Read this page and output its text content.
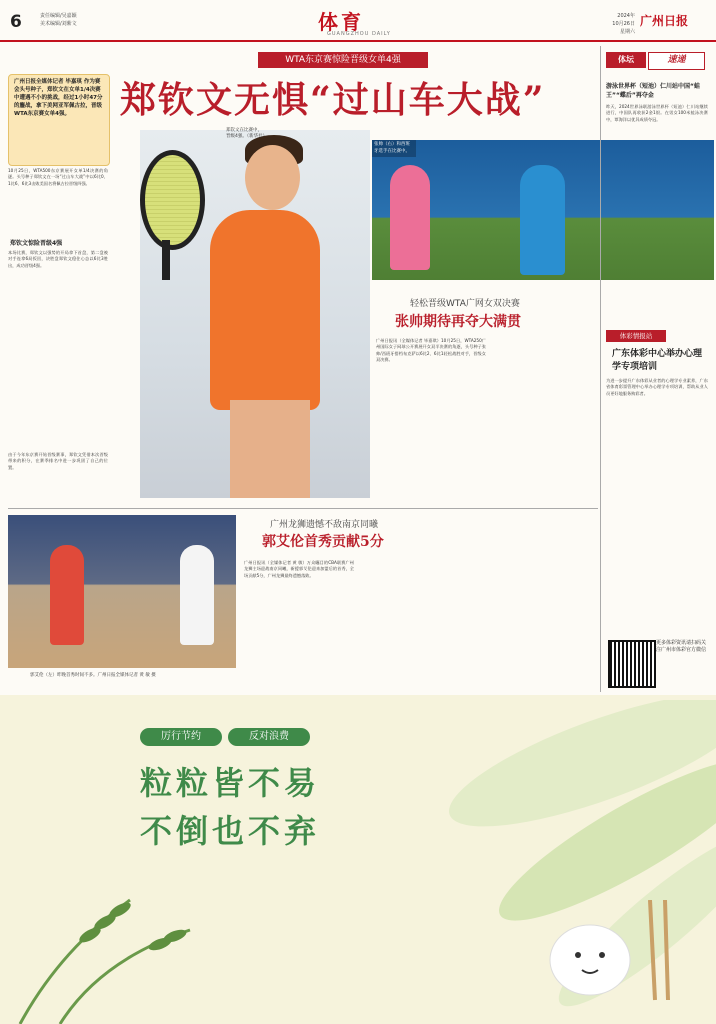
6	责任编辑/吴嘉颖
美术编辑/刘紫文	体育
GUANGZHOU DAILY
2024年
10月26日
星期六
广州日报
WTA东京赛惊险晋级女单4强
郑钦文无惧“过山车大战”
广州日报全媒体记者 毕嘉琪 作为赛会头号种子，郑钦文在女单1/4决赛中遭遇不小的挑战，经过1小时47分的鏖战，拿下美网亚军佩古拉，晋级WTA东京赛女单4强。
10月25日，WTA500东京赛展开女单1/4决赛的角逐。头号种子郑钦文在一场“过山车大战”中以6比0、1比6、6比3击败美国名将佩古拉晋级四强。
郑钦文惊险晋级4强
本场比赛，郑钦文以强势的开局拿下首盘，第二盘被对手连拿6局扳回，决胜盘郑钦文稳住心态以6比3胜出，成功晋级4强。
由于今年东京赛开始晋级赛事，郑钦文凭借本次晋级带来的积分，在赛季排名中进一步巩固了自己的位置。
郑钦文在比赛中，晋级4强。（新华社）
张帅（右）和西班牙选手在比赛中。
轻松晋级WTA广网女双决赛
张帅期待再夺大满贯
广州日报讯（全媒体记者 毕嘉琪）10月25日，WTA250广州国际女子网球公开赛展开女双半决赛的角逐，头号种子张帅/西班牙搭档布克萨以6比2、6比1轻松战胜对手，晋级女双决赛。
郭艾伦（左）昨晚首秀时间不多。广州日报全媒体记者 黄 敏 摄
广州龙狮遗憾不敌南京同曦
郭艾伦首秀贡献5分
广州日报讯（全媒体记者 黄 敏）万众瞩目的CBA联赛广州龙狮主场迎战南京同曦，新援郭艾伦迎来加盟后的首秀，全场贡献5分，广州龙狮最终遗憾落败。
体坛	速递
游泳世界杯（短池）仁川站中国“蛙王”“蝶后”再夺金
昨天，2024世界泳联游泳世界杯（短池）仁川站继续进行，中国队再收获2金1银。在男女100米蛙泳决赛中，覃海洋以优异成绩夺冠。
体彩情报站
广东体彩中心举办心理学专项培训
为进一步提升广东体彩从业者的心理学专业素养，广东省体育彩票管理中心举办心理学专项培训，帮助从业人员更好地服务购彩者。
更多体彩资讯请扫码关注广州市体彩官方微信
厉行节约	反对浪费
粒粒皆不易
不倒也不弃
